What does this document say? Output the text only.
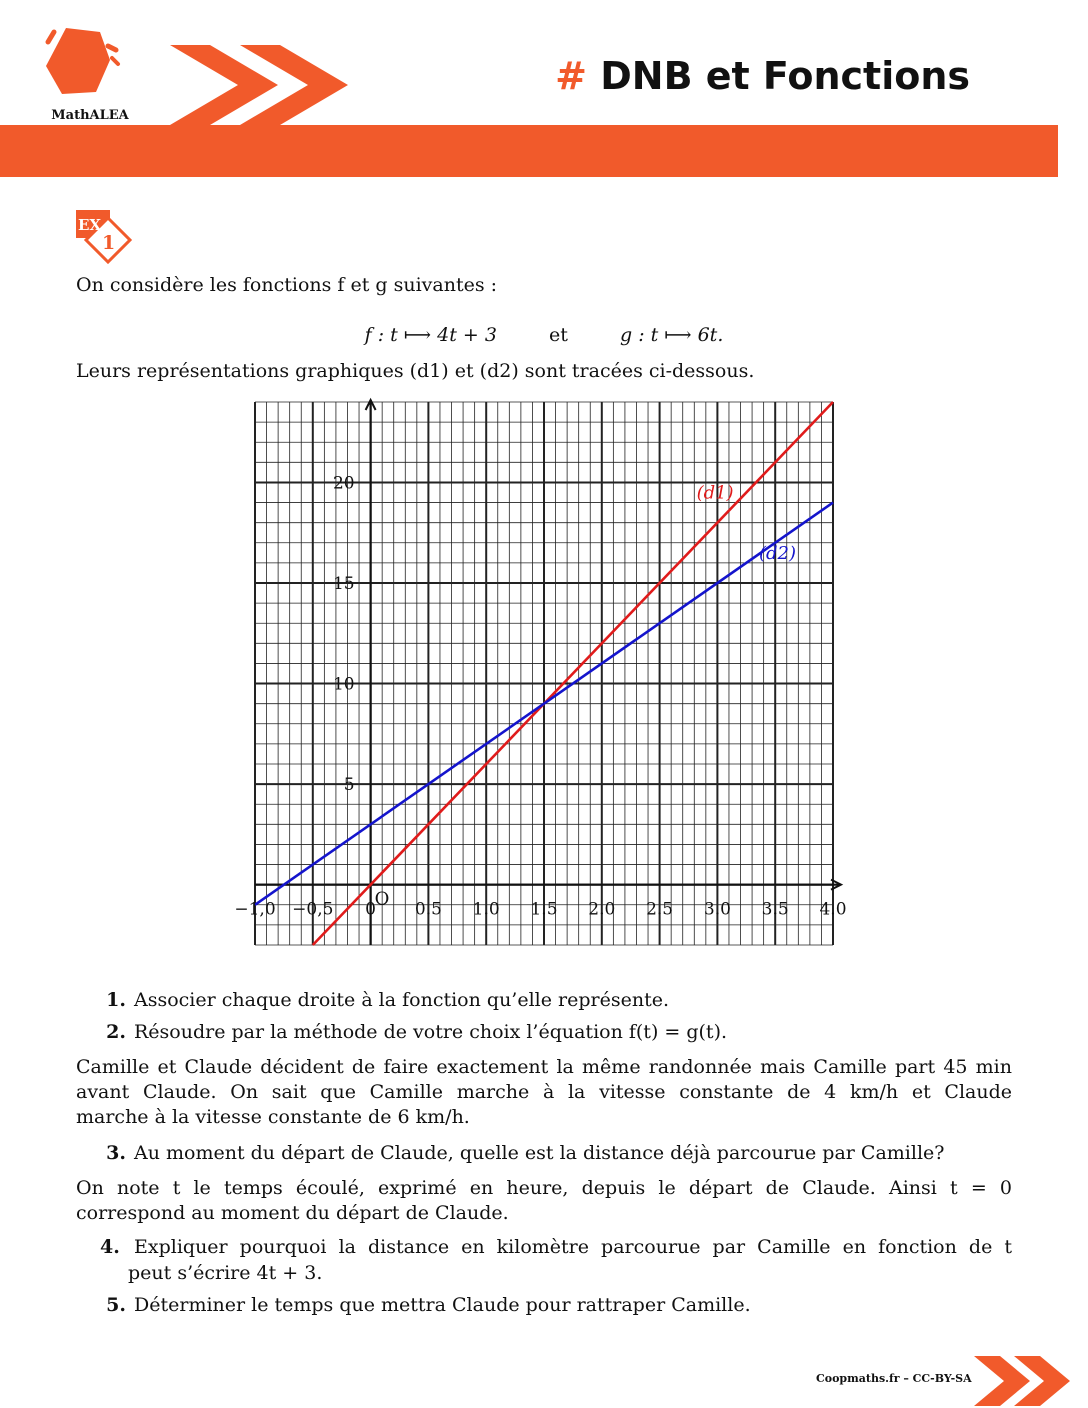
MathALEA
# DNB et Fonctions
EX
1
On considère les fonctions f et g suivantes :
f : t ⟼ 4t + 3	et	g : t ⟼ 6t.
Leurs représentations graphiques (d1) et (d2) sont tracées ci-dessous.
(d1)
(d2)
−1,0 −0,5 0 0.5 1.0 1.5 2.0 2.5 3.0 3.5 4.0
5
10
15
20
O
1. Associer chaque droite à la fonction qu’elle représente.
2. Résoudre par la méthode de votre choix l’équation f(t) = g(t).
Camille et Claude décident de faire exactement la même randonnée mais Camille part 45 min
avant Claude. On sait que Camille marche à la vitesse constante de 4 km/h et Claude
marche à la vitesse constante de 6 km/h.
3. Au moment du départ de Claude, quelle est la distance déjà parcourue par Camille?
On note t le temps écoulé, exprimé en heure, depuis le départ de Claude. Ainsi t = 0
correspond au moment du départ de Claude.
4. Expliquer pourquoi la distance en kilomètre parcourue par Camille en fonction de t
peut s’écrire 4t + 3.
5. Déterminer le temps que mettra Claude pour rattraper Camille.
Coopmaths.fr – CC-BY-SA
